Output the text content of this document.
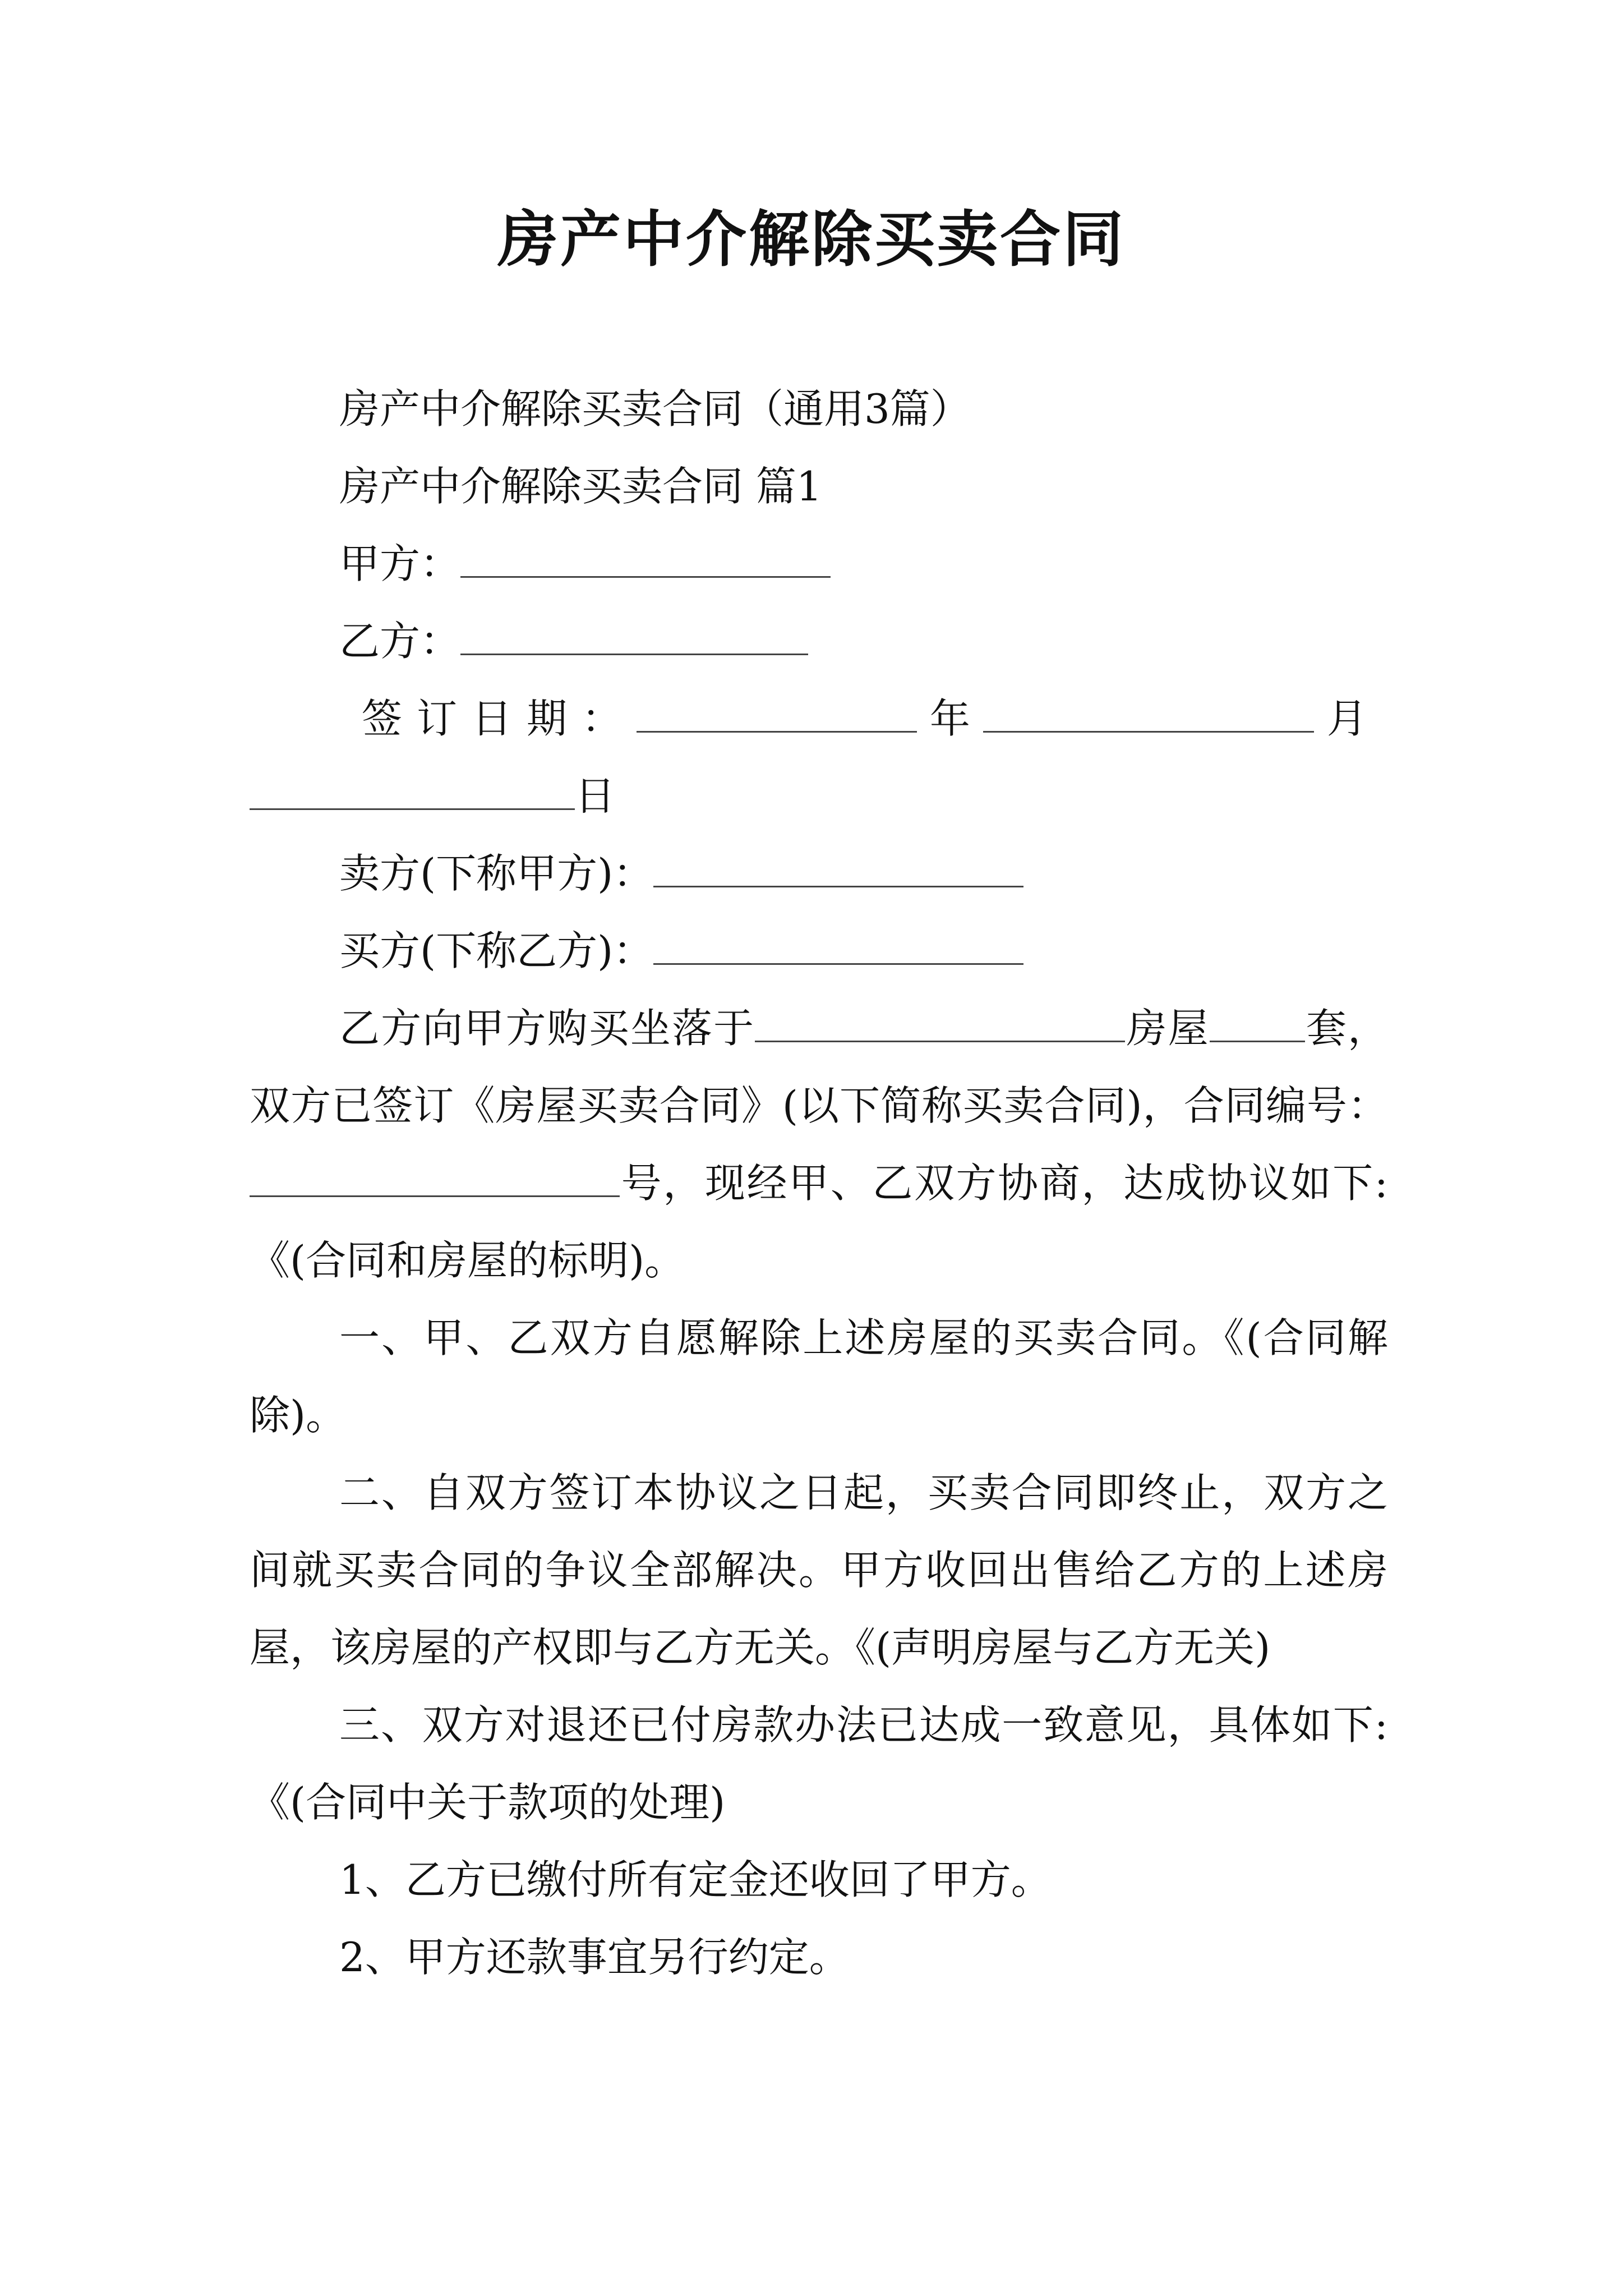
房产中介解除买卖合同
房产中介解除买卖合同（通用3篇）
房产中介解除买卖合同 篇1
甲方：
乙方：
签订日期：	年	月
日
卖方(下称甲方)：
买方(下称乙方)：

乙方向甲方购买坐落于	房屋 套，双方已签订《房屋买卖合同》(以下简称买卖合同)，合同编号：号，现经甲、乙双方协商，达成协议如下:《(合同和房屋的标明)。

一、甲、乙双方自愿解除上述房屋的买卖合同。《(合同解除)。

二、自双方签订本协议之日起，买卖合同即终止，双方之间就买卖合同的争议全部解决。甲方收回出售给乙方的上述房屋，该房屋的产权即与乙方无关。《(声明房屋与乙方无关)

三、双方对退还已付房款办法已达成一致意见，具体如下:《(合同中关于款项的处理)

1、乙方已缴付所有定金还收回了甲方。

2、甲方还款事宜另行约定。
